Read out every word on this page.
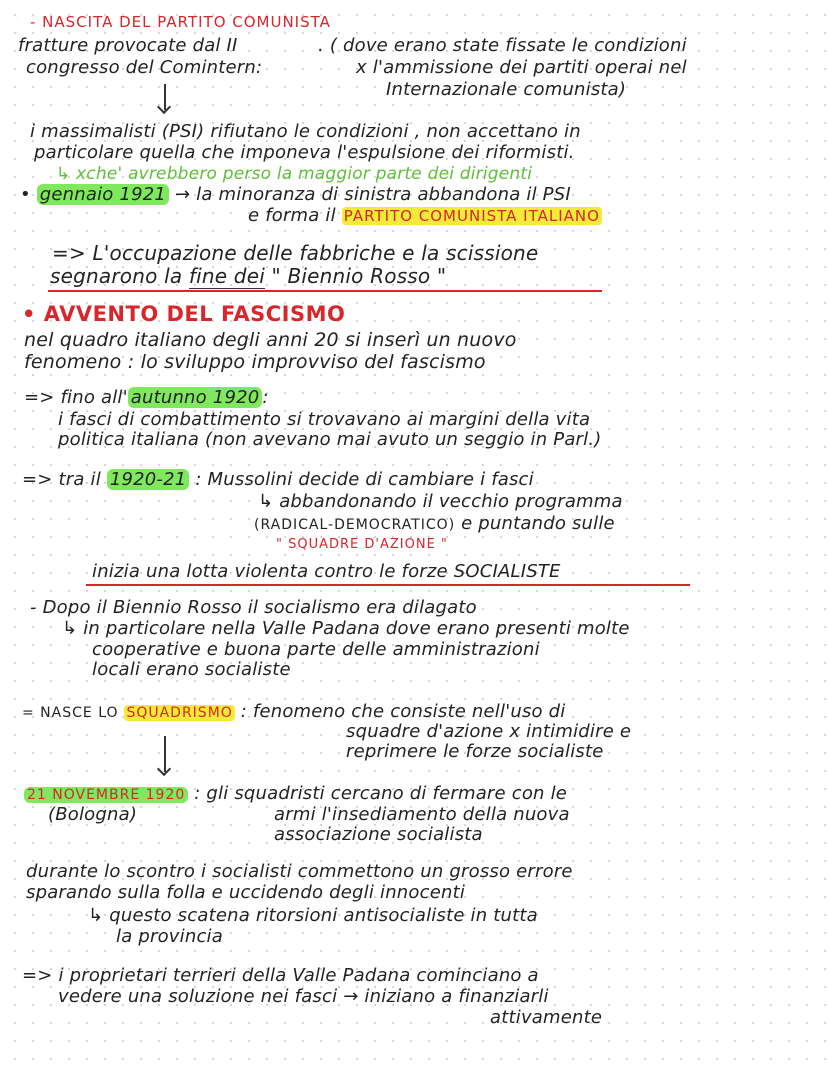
- NASCITA DEL PARTITO COMUNISTA
fratture provocate dal II	. ( dove erano state fissate le condizioni
congresso del Comintern:	x l'ammissione dei partiti operai nel
Internazionale comunista)
i massimalisti (PSI) rifiutano le condizioni , non accettano in
particolare quella che imponeva l'espulsione dei riformisti.
↳ xche' avrebbero perso la maggior parte dei dirigenti
• gennaio 1921 → la minoranza di sinistra abbandona il PSI
e forma il PARTITO COMUNISTA ITALIANO
=> L'occupazione delle fabbriche e la scissione
segnarono la fine dei " Biennio Rosso "
• AVVENTO DEL FASCISMO
nel quadro italiano degli anni 20 si inserì un nuovo
fenomeno : lo sviluppo improvviso del fascismo
=> fino all' autunno 1920 :
i fasci di combattimento si trovavano ai margini della vita
politica italiana (non avevano mai avuto un seggio in Parl.)
=> tra il 1920-21 : Mussolini decide di cambiare i fasci
↳ abbandonando il vecchio programma
(RADICAL-DEMOCRATICO) e puntando sulle
" SQUADRE D'AZIONE "
inizia una lotta violenta contro le forze SOCIALISTE
- Dopo il Biennio Rosso il socialismo era dilagato
↳ in particolare nella Valle Padana dove erano presenti molte
cooperative e buona parte delle amministrazioni
locali erano socialiste
= NASCE LO SQUADRISMO : fenomeno che consiste nell'uso di
squadre d'azione x intimidire e
reprimere le forze socialiste
21 NOVEMBRE 1920 : gli squadristi cercano di fermare con le
(Bologna)	armi l'insediamento della nuova
associazione socialista
durante lo scontro i socialisti commettono un grosso errore
sparando sulla folla e uccidendo degli innocenti
↳ questo scatena ritorsioni antisocialiste in tutta
la provincia
=> i proprietari terrieri della Valle Padana cominciano a
vedere una soluzione nei fasci → iniziano a finanziarli
attivamente
